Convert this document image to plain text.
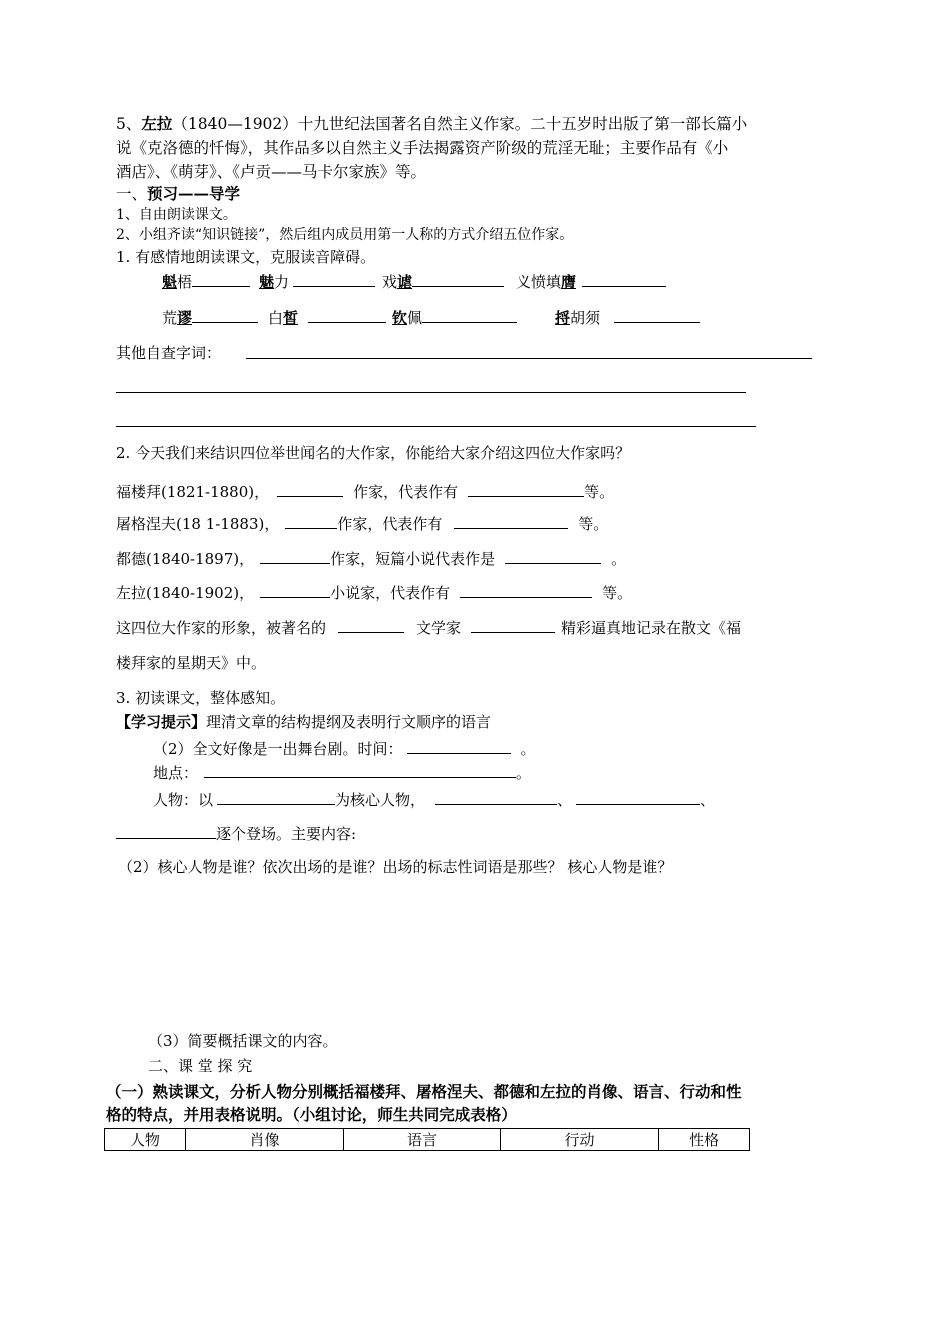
5、左拉（1840—1902）十九世纪法国著名自然主义作家。二十五岁时出版了第一部长篇小
说《克洛德的忏悔》，其作品多以自然主义手法揭露资产阶级的荒淫无耻；主要作品有《小
酒店》、《萌芽》、《卢贡——马卡尔家族》等。
一、预习——导学
1、自由朗读课文。
2、小组齐读“知识链接”，然后组内成员用第一人称的方式介绍五位作家。
1. 有感情地朗读课文，克服读音障碍。
魁梧	魅力	戏谑	义愤填膺
荒谬	白皙	钦佩	捋胡须
其他自查字词：
2. 今天我们来结识四位举世闻名的大作家，你能给大家介绍这四位大作家吗？
福楼拜(1821-1880)，	作家，代表作有	等。
屠格涅夫(18 1-1883)，	作家，代表作有	等。
都德(1840-1897)，	作家，短篇小说代表作是	。
左拉(1840-1902)，	小说家，代表作有	等。
这四位大作家的形象，被著名的	文学家	精彩逼真地记录在散文《福
楼拜家的星期天》中。
3. 初读课文，整体感知。
【学习提示】理清文章的结构提纲及表明行文顺序的语言
（2）全文好像是一出舞台剧。时间：	。
地点：	。
人物：以	为核心人物，	、	、
逐个登场。主要内容:
（2）核心人物是谁？依次出场的是谁？出场的标志性词语是那些？ 核心人物是谁？
（3）简要概括课文的内容。
二、课 堂 探 究
（一）熟读课文，分析人物分别概括福楼拜、屠格涅夫、都德和左拉的肖像、语言、行动和性
格的特点，并用表格说明。（小组讨论，师生共同完成表格）
人物	肖像	语言	行动	性格
